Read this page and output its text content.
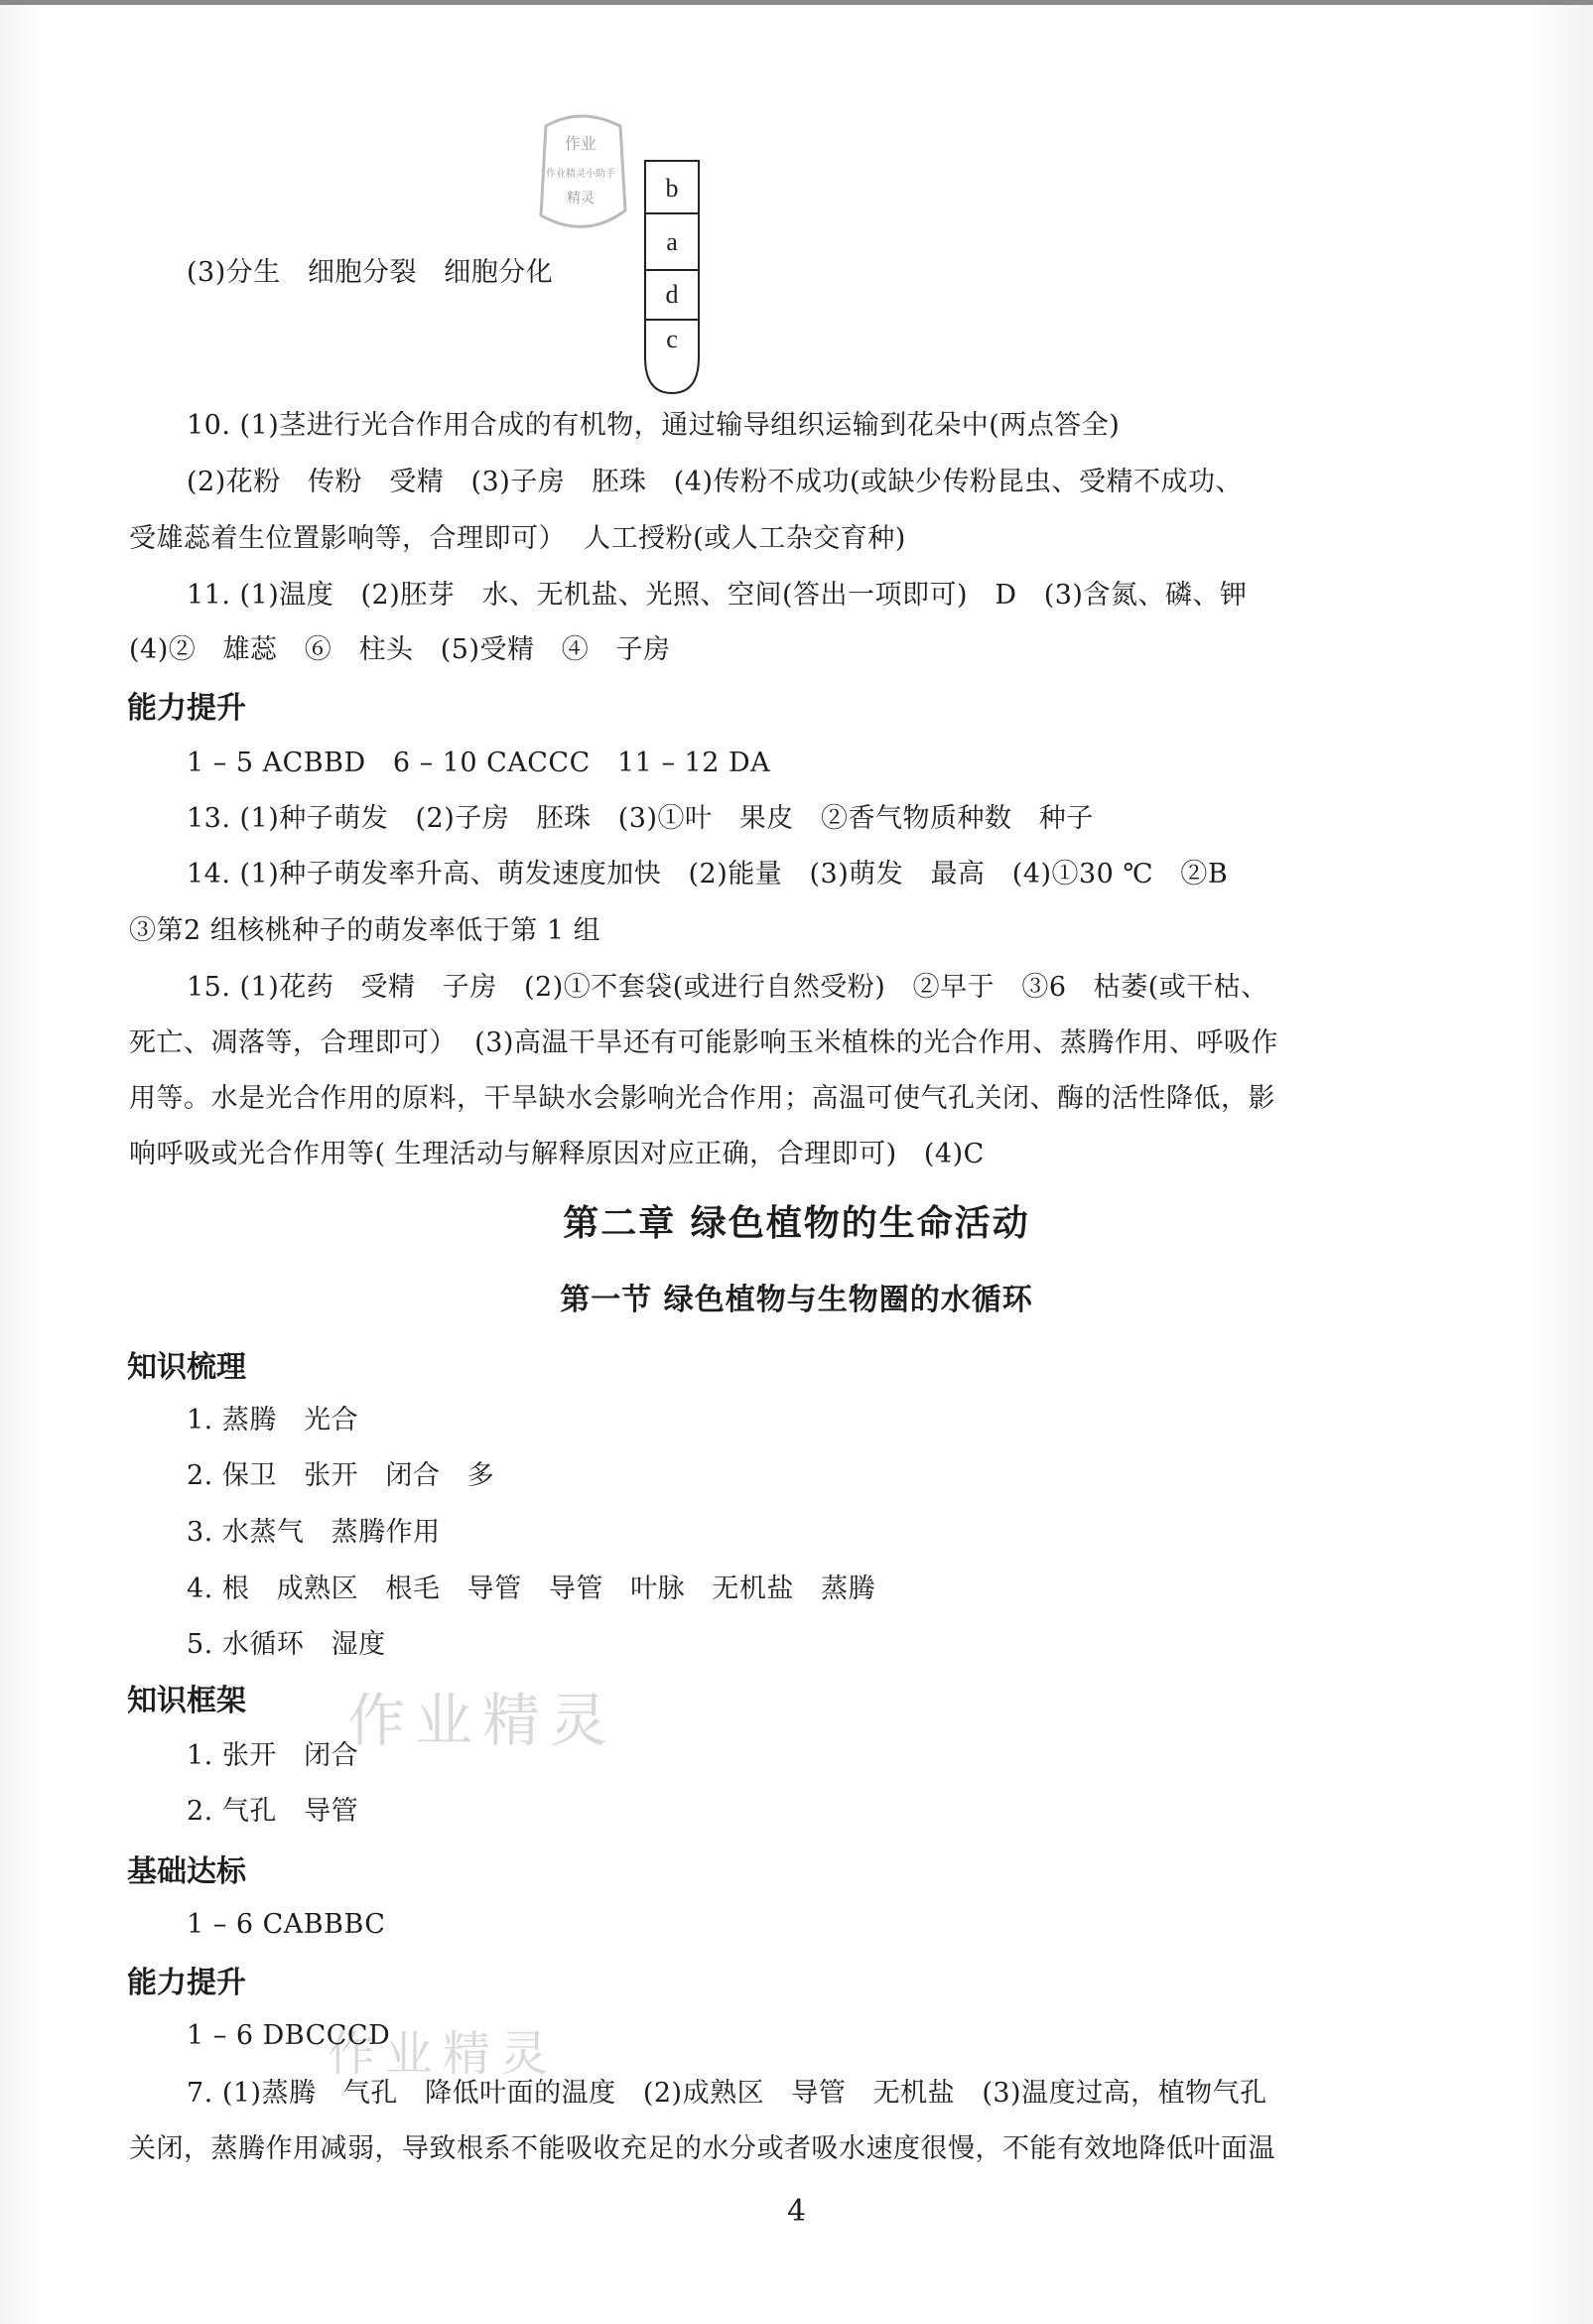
作业
作业精灵小助手
精灵	b
a
d
c
(3)分生   细胞分裂   细胞分化
10. (1)茎进行光合作用合成的有机物，通过输导组织运输到花朵中(两点答全)
(2)花粉   传粉   受精   (3)子房   胚珠   (4)传粉不成功(或缺少传粉昆虫、受精不成功、
受雄蕊着生位置影响等，合理即可）  人工授粉(或人工杂交育种)
11. (1)温度   (2)胚芽   水、无机盐、光照、空间(答出一项即可)   D   (3)含氮、磷、钾
(4)②   雄蕊   ⑥   柱头   (5)受精   ④   子房
能力提升
1 – 5 ACBBD   6 – 10 CACCC   11 – 12 DA
13. (1)种子萌发   (2)子房   胚珠   (3)①叶   果皮   ②香气物质种数   种子
14. (1)种子萌发率升高、萌发速度加快   (2)能量   (3)萌发   最高   (4)①30 ℃   ②B
③第2 组核桃种子的萌发率低于第 1 组
15. (1)花药   受精   子房   (2)①不套袋(或进行自然受粉)   ②早于   ③6   枯萎(或干枯、
死亡、凋落等，合理即可）  (3)高温干旱还有可能影响玉米植株的光合作用、蒸腾作用、呼吸作
用等。水是光合作用的原料，干旱缺水会影响光合作用；高温可使气孔关闭、酶的活性降低，影
响呼吸或光合作用等( 生理活动与解释原因对应正确，合理即可)   (4)C
第二章 绿色植物的生命活动
第一节 绿色植物与生物圈的水循环
知识梳理
1. 蒸腾   光合
2. 保卫   张开   闭合   多
3. 水蒸气   蒸腾作用
4. 根   成熟区   根毛   导管   导管   叶脉   无机盐   蒸腾
5. 水循环   湿度
作业精灵
知识框架
1. 张开   闭合
2. 气孔   导管
基础达标
1 – 6 CABBBC
能力提升
作业精灵
1 – 6 DBCCCD
7. (1)蒸腾   气孔   降低叶面的温度   (2)成熟区   导管   无机盐   (3)温度过高，植物气孔
关闭，蒸腾作用减弱，导致根系不能吸收充足的水分或者吸水速度很慢，不能有效地降低叶面温
4
